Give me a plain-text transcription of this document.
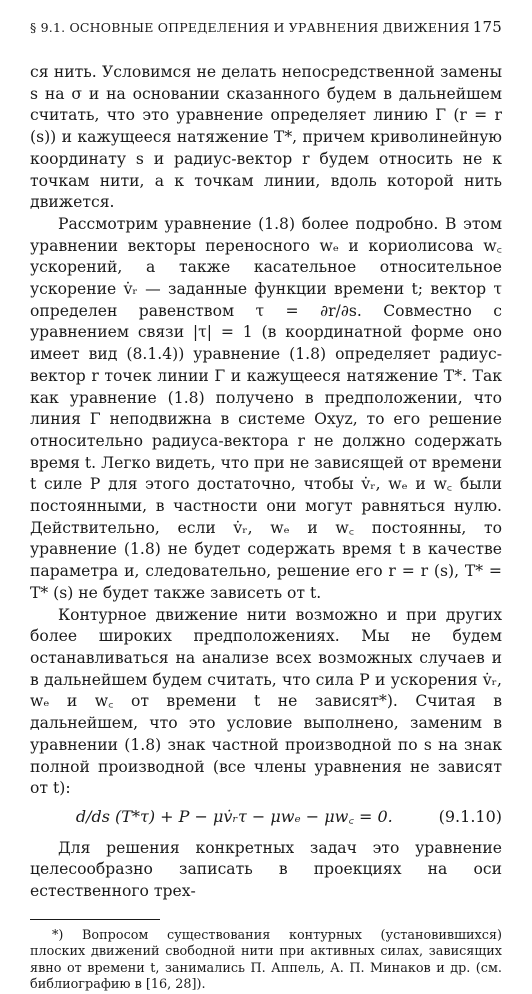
§ 9.1. ОСНОВНЫЕ ОПРЕДЕЛЕНИЯ И УРАВНЕНИЯ ДВИЖЕНИЯ 175

ся нить. Условимся не делать непосредственной замены s на σ и на основании сказанного будем в дальнейшем считать, что это уравнение определяет линию Γ (r = r (s)) и кажущееся натяжение T*, причем криволинейную координату s и радиус-вектор r будем относить не к точкам нити, а к точкам линии, вдоль которой нить движется.

Рассмотрим уравнение (1.8) более подробно. В этом уравнении векторы переносного wₑ и кориолисова w꜀ ускорений, а также касательное относительное ускорение v̇ᵣ — заданные функции времени t; вектор τ определен равенством τ = ∂r/∂s. Совместно с уравнением связи |τ| = 1 (в координатной форме оно имеет вид (8.1.4)) уравнение (1.8) определяет радиус-вектор r точек линии Γ и кажущееся натяжение T*. Так как уравнение (1.8) получено в предположении, что линия Γ неподвижна в системе Oxyz, то его решение относительно радиуса-вектора r не должно содержать время t. Легко видеть, что при не зависящей от времени t силе P для этого достаточно, чтобы v̇ᵣ, wₑ и w꜀ были постоянными, в частности они могут равняться нулю. Действительно, если v̇ᵣ, wₑ и w꜀ постоянны, то уравнение (1.8) не будет содержать время t в качестве параметра и, следовательно, решение его r = r (s), T* = T* (s) не будет также зависеть от t.

Контурное движение нити возможно и при других более широких предположениях. Мы не будем останавливаться на анализе всех возможных случаев и в дальнейшем будем считать, что сила P и ускорения v̇ᵣ, wₑ и w꜀ от времени t не зависят*). Считая в дальнейшем, что это условие выполнено, заменим в уравнении (1.8) знак частной производной по s на знак полной производной (все члены уравнения не зависят от t):

d/ds (T*τ) + P − μv̇ᵣτ − μwₑ − μw꜀ = 0.	(9.1.10)

Для решения конкретных задач это уравнение целесообразно записать в проекциях на оси естественного трех-

*) Вопросом существования контурных (установившихся) плоских движений свободной нити при активных силах, зависящих явно от времени t, занимались П. Аппель, А. П. Минаков и др. (см. библиографию в [16, 28]).
